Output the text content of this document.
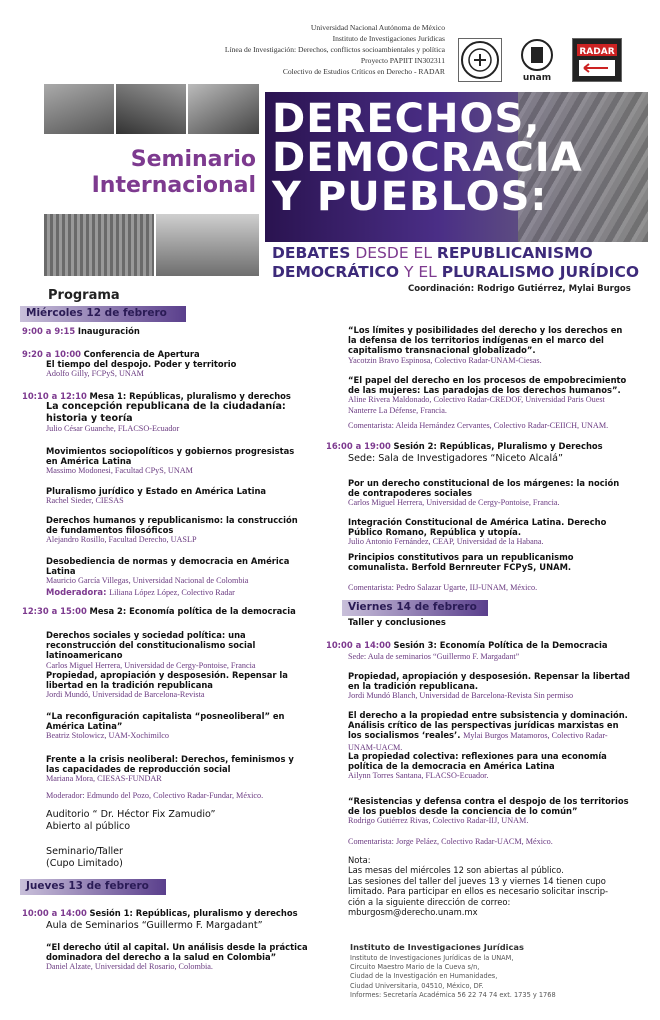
Universidad Nacional Autónoma de México
Instituto de Investigaciones Jurídicas
Línea de Investigación: Derechos, conflictos socioambientales y política
Proyecto PAPIIT IN302311
Colectivo de Estudios Críticos en Derecho - RADAR
unam
RADAR
Seminario
Internacional
DERECHOS,
DEMOCRACIA
Y PUEBLOS:
DEBATES DESDE EL REPUBLICANISMO
DEMOCRÁTICO Y EL PLURALISMO JURÍDICO
Coordinación: Rodrigo Gutiérrez, Mylai Burgos
Programa
Miércoles 12 de febrero
Jueves 13 de febrero
Viernes 14 de febrero
Taller y conclusiones
9:00 a 9:15 Inauguración
9:20 a 10:00 Conferencia de Apertura
El tiempo del despojo. Poder y territorio
Adolfo Gilly, FCPyS, UNAM
10:10 a 12:10 Mesa 1: Repúblicas, pluralismo y derechos
La concepción republicana de la ciudadanía: historia y teoría
Julio César Guanche, FLACSO-Ecuador
Movimientos sociopolíticos y gobiernos progresistas en América Latina
Massimo Modonesi, Facultad CPyS, UNAM
Pluralismo jurídico y Estado en América Latina
Rachel Sieder, CIESAS
Derechos humanos y republicanismo: la construcción de fundamentos filosóficos
Alejandro Rosillo, Facultad Derecho, UASLP
Desobediencia de normas y democracia en América Latina
Mauricio García Villegas, Universidad Nacional de Colombia
Moderadora: Liliana López López, Colectivo Radar
12:30 a 15:00 Mesa 2: Economía política de la democracia
Derechos sociales y sociedad política: una reconstrucción del constitucionalismo social latinoamericano
Carlos Miguel Herrera, Universidad de Cergy-Pontoise, Francia
Propiedad, apropiación y desposesión. Repensar la libertad en la tradición republicana
Jordi Mundó, Universidad de Barcelona-Revista
“La reconfiguración capitalista “posneoliberal” en América Latina”
Beatriz Stolowicz, UAM-Xochimilco
Frente a la crisis neoliberal: Derechos, feminismos y las capacidades de reproducción social
Mariana Mora, CIESAS-FUNDAR
Moderador: Edmundo del Pozo, Colectivo Radar-Fundar, México.
Auditorio “ Dr. Héctor Fix Zamudio”
Abierto al público
Seminario/Taller
(Cupo Limitado)
10:00 a 14:00 Sesión 1: Repúblicas, pluralismo y derechos
Aula de Seminarios “Guillermo F. Margadant”
“El derecho útil al capital. Un análisis desde la práctica dominadora del derecho a la salud en Colombia”
Daniel Alzate, Universidad del Rosario, Colombia.
“Los límites y posibilidades del derecho y los derechos en la defensa de los territorios indígenas en el marco del capitalismo transnacional globalizado”.
Yacotzin Bravo Espinosa, Colectivo Radar-UNAM-Ciesas.
“El papel del derecho en los procesos de empobrecimiento de las mujeres: Las paradojas de los derechos humanos”.
Aline Rivera Maldonado, Colectivo Radar-CREDOF, Universidad Paris Ouest Nanterre La Défense, Francia.
Comentarista: Aleida Hernández Cervantes, Colectivo Radar-CEIICH, UNAM.
16:00 a 19:00 Sesión 2: Repúblicas, Pluralismo y Derechos
Sede: Sala de Investigadores “Niceto Alcalá”
Por un derecho constitucional de los márgenes: la noción de contrapoderes sociales
Carlos Miguel Herrera, Universidad de Cergy-Pontoise, Francia.
Integración Constitucional de América Latina. Derecho Público Romano, República y utopía.
Julio Antonio Fernández, CEAP, Universidad de la Habana.
Principios constitutivos para un republicanismo comunalista. Berfold Bernreuter FCPyS, UNAM.
Comentarista: Pedro Salazar Ugarte, IIJ-UNAM, México.
10:00 a 14:00 Sesión 3: Economía Política de la Democracia
Sede: Aula de seminarios “Guillermo F. Margadant”
Propiedad, apropiación y desposesión. Repensar la libertad en la tradición republicana.
Jordi Mundó Blanch, Universidad de Barcelona-Revista Sin permiso
El derecho a la propiedad entre subsistencia y dominación. Análisis crítico de las perspectivas jurídicas marxistas en los socialismos ‘reales’. Mylai Burgos Matamoros, Colectivo Radar-UNAM-UACM.
La propiedad colectiva: reflexiones para una economía política de la democracia en América Latina
Ailynn Torres Santana, FLACSO-Ecuador.
“Resistencias y defensa contra el despojo de los territorios de los pueblos desde la conciencia de lo común”
Rodrigo Gutiérrez Rivas, Colectivo Radar-IIJ, UNAM.
Comentarista: Jorge Peláez, Colectivo Radar-UACM, México.
Nota:
Las mesas del miércoles 12 son abiertas al público.
Las sesiones del taller del jueves 13 y viernes 14 tienen cupo
limitado. Para participar en ellos es necesario solicitar inscrip-
ción a la siguiente dirección de correo:
mburgosm@derecho.unam.mx
Instituto de Investigaciones Jurídicas
Instituto de Investigaciones Jurídicas de la UNAM,
Circuito Maestro Mario de la Cueva s/n,
Ciudad de la Investigación en Humanidades,
Ciudad Universitaria, 04510, México, DF.
Informes: Secretaría Académica 56 22 74 74 ext. 1735 y 1768
